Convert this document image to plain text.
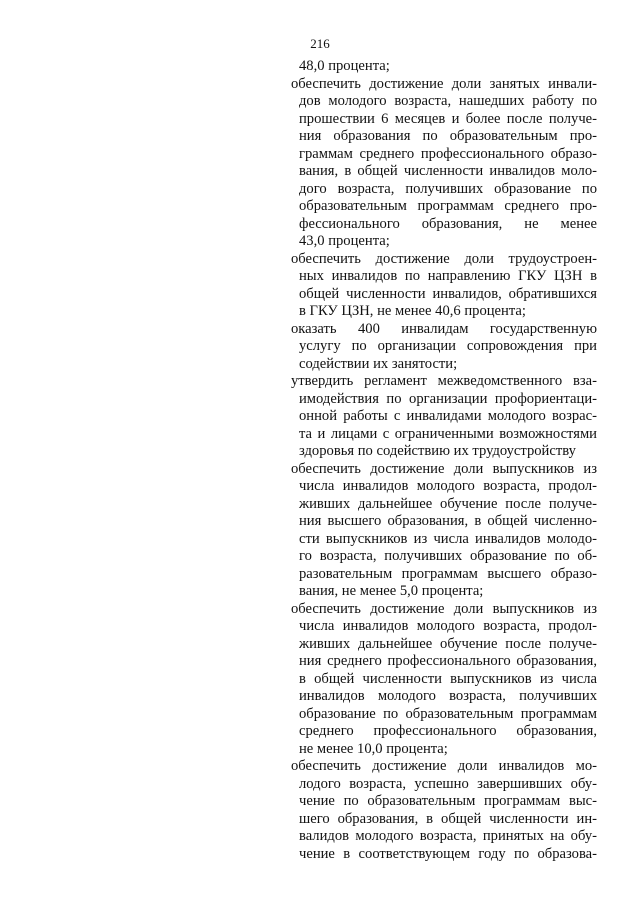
216
48,0 процента;
обеспечить достижение доли занятых инвали-
дов молодого возраста, нашедших работу по
прошествии 6 месяцев и более после получе-
ния образования по образовательным про-
граммам среднего профессионального образо-
вания, в общей численности инвалидов моло-
дого возраста, получивших образование по
образовательным программам среднего про-
фессионального образования, не менее
43,0 процента;
обеспечить достижение доли трудоустроен-
ных инвалидов по направлению ГКУ ЦЗН в
общей численности инвалидов, обратившихся
в ГКУ ЦЗН, не менее 40,6 процента;
оказать 400 инвалидам государственную
услугу по организации сопровождения при
содействии их занятости;
утвердить регламент межведомственного вза-
имодействия по организации профориентаци-
онной работы с инвалидами молодого возрас-
та и лицами с ограниченными возможностями
здоровья по содействию их трудоустройству
обеспечить достижение доли выпускников из
числа инвалидов молодого возраста, продол-
живших дальнейшее обучение после получе-
ния высшего образования, в общей численно-
сти выпускников из числа инвалидов молодо-
го возраста, получивших образование по об-
разовательным программам высшего образо-
вания, не менее 5,0 процента;
обеспечить достижение доли выпускников из
числа инвалидов молодого возраста, продол-
живших дальнейшее обучение после получе-
ния среднего профессионального образования,
в общей численности выпускников из числа
инвалидов молодого возраста, получивших
образование по образовательным программам
среднего профессионального образования,
не менее 10,0 процента;
обеспечить достижение доли инвалидов мо-
лодого возраста, успешно завершивших обу-
чение по образовательным программам выс-
шего образования, в общей численности ин-
валидов молодого возраста, принятых на обу-
чение в соответствующем году по образова-
